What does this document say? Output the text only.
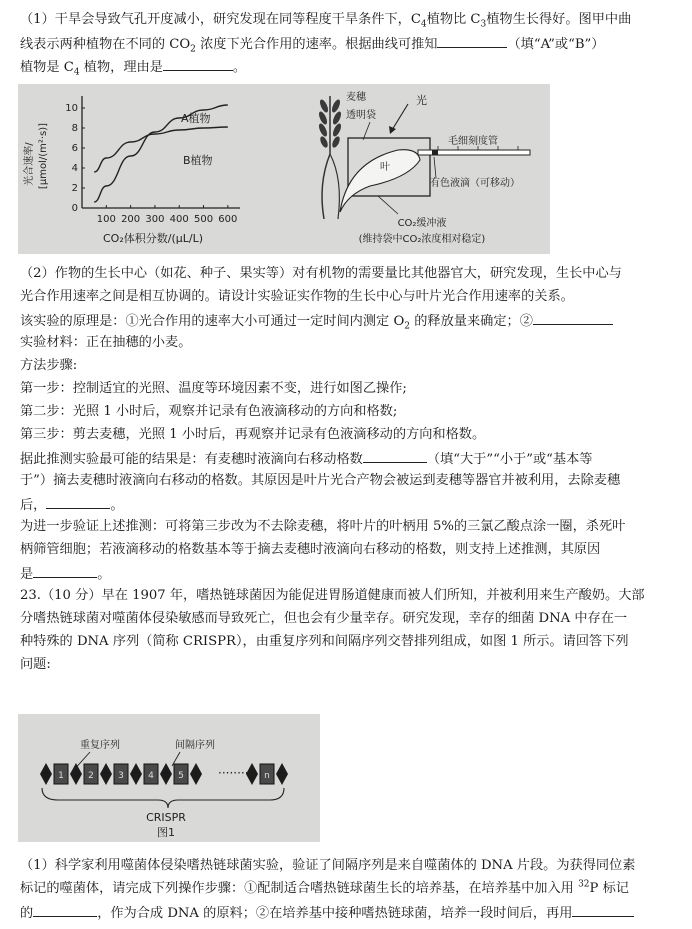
（1）干旱会导致气孔开度减小，研究发现在同等程度干旱条件下，$C_4$植物比 $C_3$植物生长得好。图甲中曲
线表示两种植物在不同的 $CO_2$ 浓度下光合作用的速率。根据曲线可推知	（填“A”或“B”）
植物是 $C_4$ 植物，理由是	。
10
8
6
4
2
0
100 200 300 400 500 600
光合速率/ [μmol/(m²·s)]
A植物
B植物
CO₂体积分数/(μL/L)
麦穗
透明袋
光
叶
毛细刻度管
有色液滴（可移动）
CO₂缓冲液
(维持袋中CO₂浓度相对稳定)
（2）作物的生长中心（如花、种子、果实等）对有机物的需要量比其他器官大，研究发现，生长中心与
光合作用速率之间是相互协调的。请设计实验证实作物的生长中心与叶片光合作用速率的关系。
该实验的原理是：①光合作用的速率大小可通过一定时间内测定 $O_2$ 的释放量来确定；②
实验材料：正在抽穗的小麦。
方法步骤:
第一步：控制适宜的光照、温度等环境因素不变，进行如图乙操作;
第二步：光照 1 小时后，观察并记录有色液滴移动的方向和格数;
第三步：剪去麦穗，光照 1 小时后，再观察并记录有色液滴移动的方向和格数。
据此推测实验最可能的结果是：有麦穗时液滴向右移动格数	（填“大于”“小于”或“基本等
于”）摘去麦穗时液滴向右移动的格数。其原因是叶片光合产物会被运到麦穗等器官并被利用，去除麦穗
后，	。
为进一步验证上述推测：可将第三步改为不去除麦穗，将叶片的叶柄用 5%的三氯乙酸点涂一圈，杀死叶
柄筛管细胞；若液滴移动的格数基本等于摘去麦穗时液滴向右移动的格数，则支持上述推测，其原因
是	。
23.（10 分）早在 1907 年，嗜热链球菌因为能促进胃肠道健康而被人们所知，并被利用来生产酸奶。大部
分嗜热链球菌对噬菌体侵染敏感而导致死亡，但也会有少量幸存。研究发现，幸存的细菌 DNA 中存在一
种特殊的 DNA 序列（简称 CRISPR），由重复序列和间隔序列交替排列组成，如图 1 所示。请回答下列
问题:
1	2	3	4	5	n
重复序列	间隔序列
·········
CRISPR
图1
（1）科学家利用噬菌体侵染嗜热链球菌实验，验证了间隔序列是来自噬菌体的 DNA 片段。为获得同位素
标记的噬菌体，请完成下列操作步骤：①配制适合嗜热链球菌生长的培养基，在培养基中加入用 $^{32}$P 标记
的	，作为合成 DNA 的原料；②在培养基中接种嗜热链球菌，培养一段时间后，再用
